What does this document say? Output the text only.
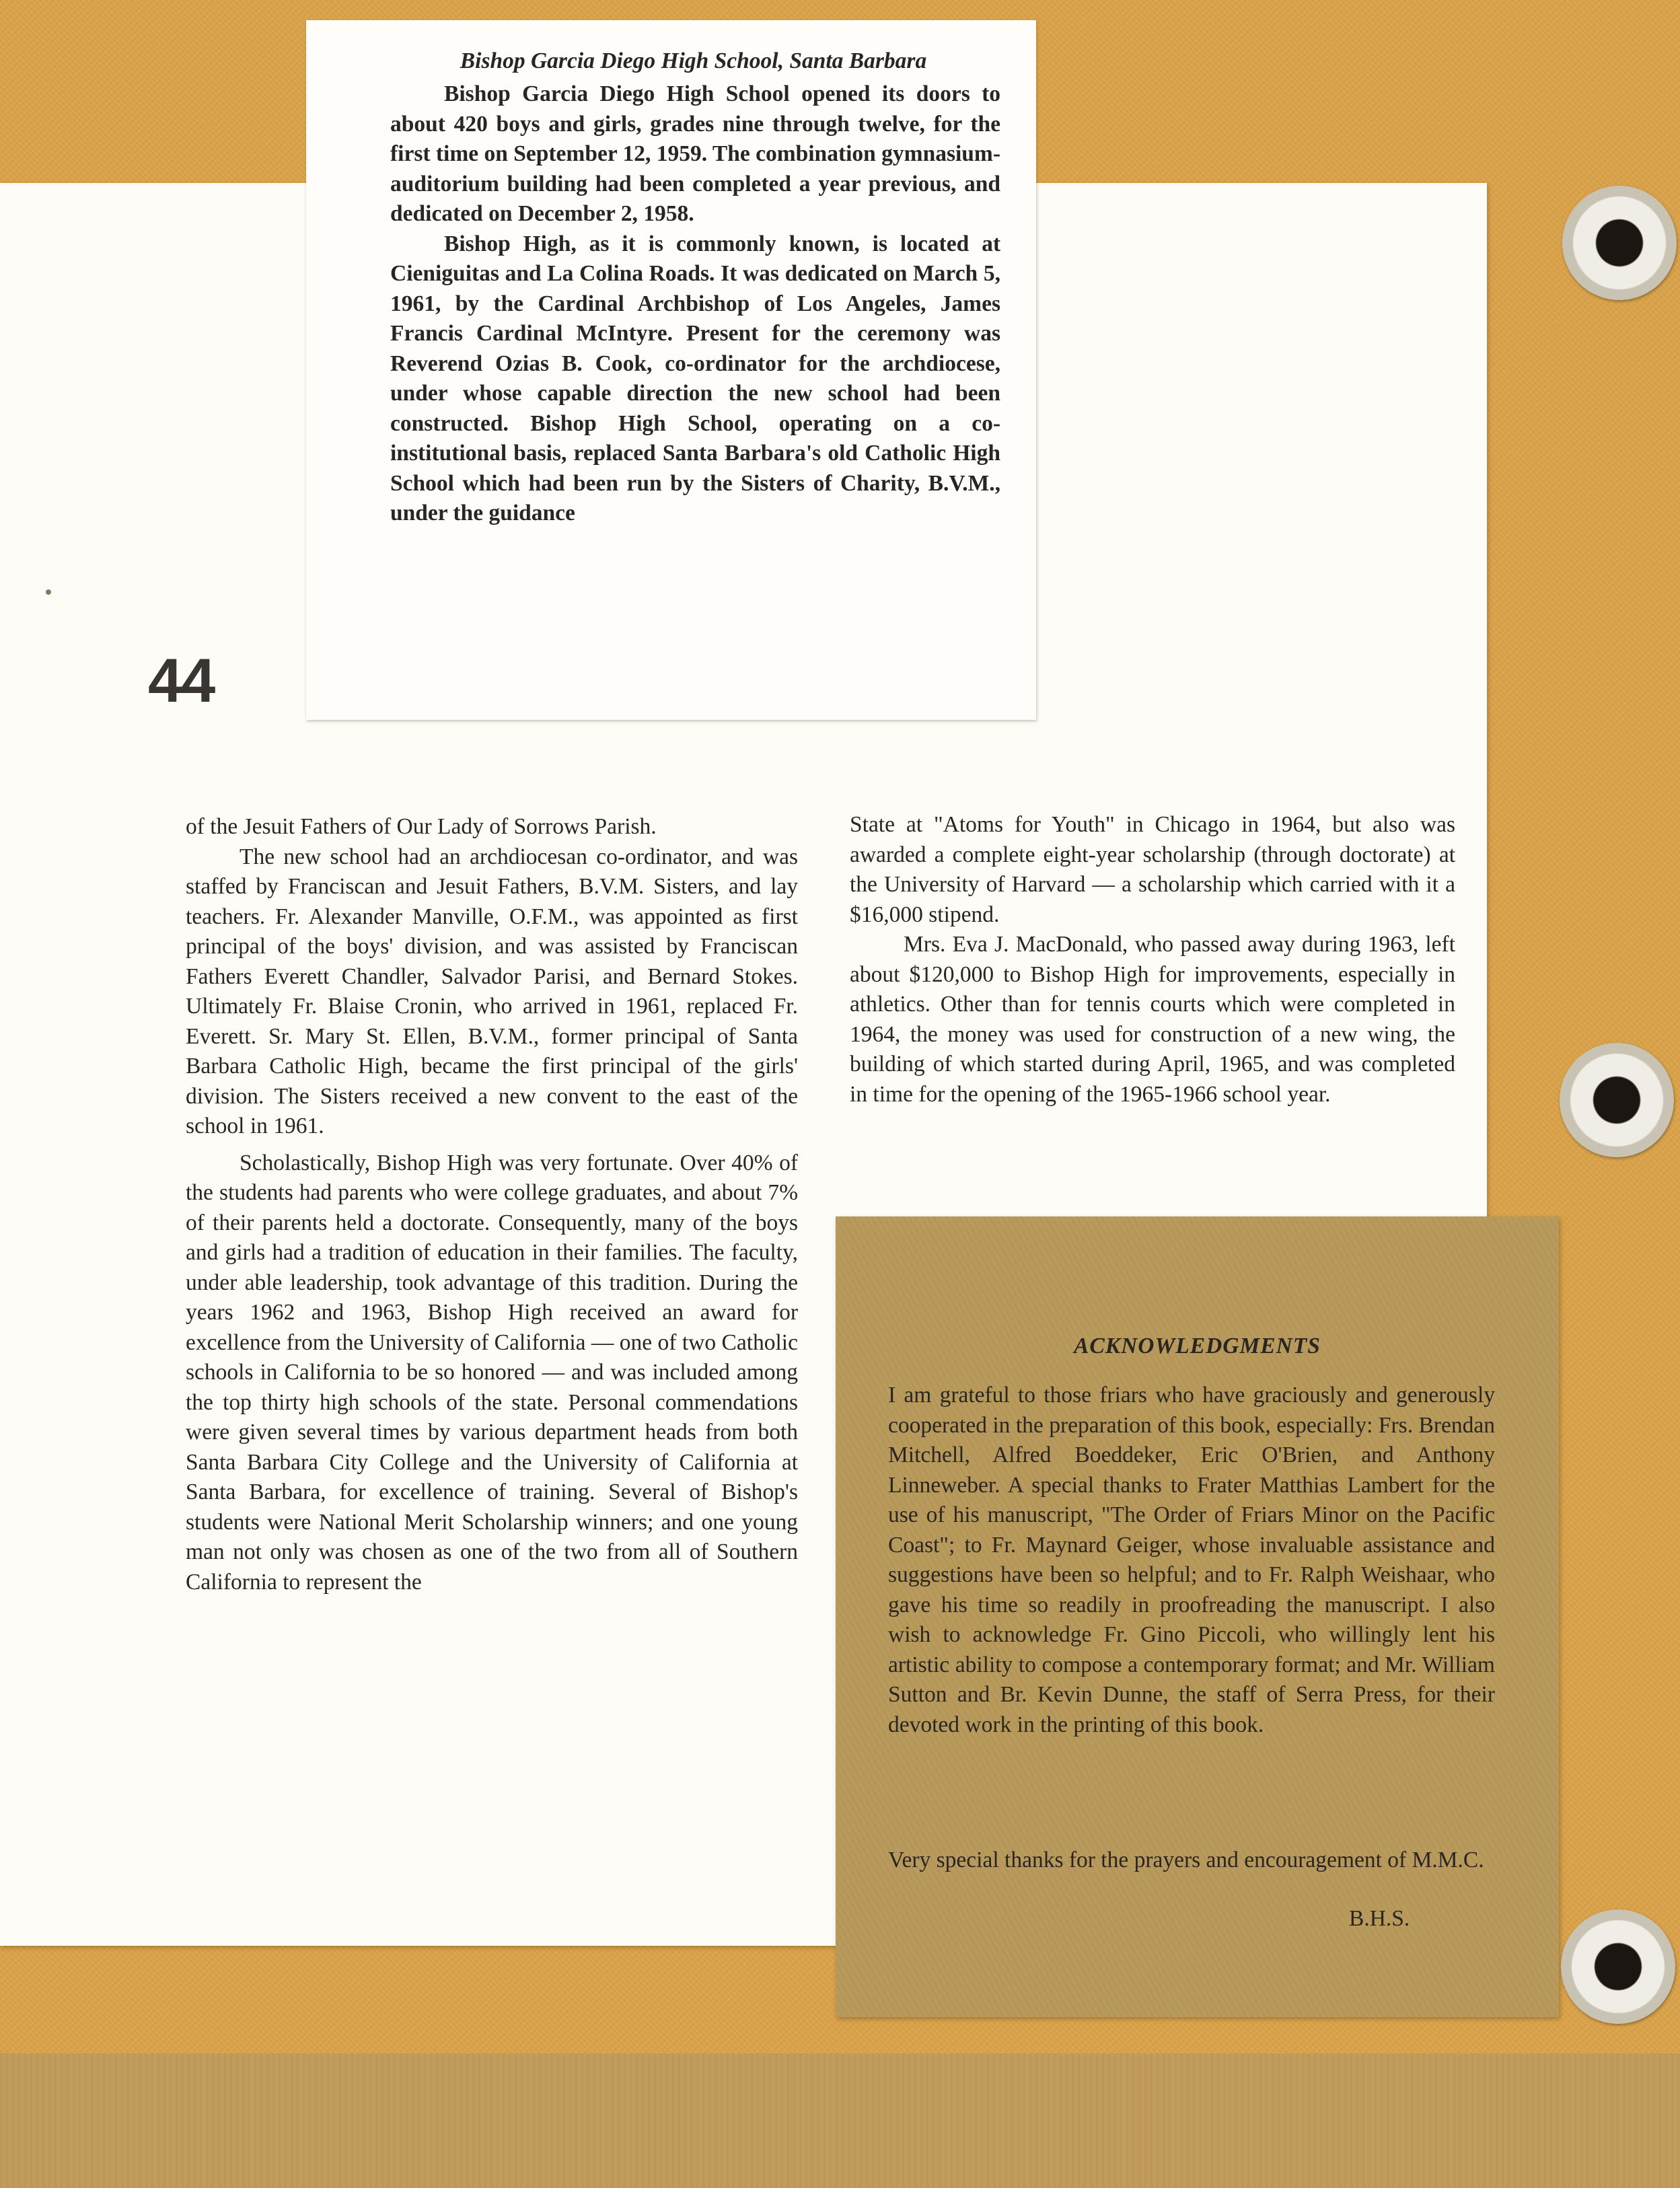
Bishop Garcia Diego High School, Santa Barbara

Bishop Garcia Diego High School opened its doors to about 420 boys and girls, grades nine through twelve, for the first time on September 12, 1959. The combination gymnasium-auditorium building had been completed a year previous, and dedicated on December 2, 1958.

Bishop High, as it is commonly known, is located at Cieniguitas and La Colina Roads. It was dedicated on March 5, 1961, by the Cardinal Archbishop of Los Angeles, James Francis Cardinal McIntyre. Present for the ceremony was Reverend Ozias B. Cook, co-ordinator for the archdiocese, under whose capable direction the new school had been constructed. Bishop High School, operating on a co-institutional basis, replaced Santa Barbara's old Catholic High School which had been run by the Sisters of Charity, B.V.M., under the guidance

44

of the Jesuit Fathers of Our Lady of Sorrows Parish.

The new school had an archdiocesan co-ordinator, and was staffed by Franciscan and Jesuit Fathers, B.V.M. Sisters, and lay teachers. Fr. Alexander Manville, O.F.M., was appointed as first principal of the boys' division, and was assisted by Franciscan Fathers Everett Chandler, Salvador Parisi, and Bernard Stokes. Ultimately Fr. Blaise Cronin, who arrived in 1961, replaced Fr. Everett. Sr. Mary St. Ellen, B.V.M., former principal of Santa Barbara Catholic High, became the first principal of the girls' division. The Sisters received a new convent to the east of the school in 1961.

Scholastically, Bishop High was very fortunate. Over 40% of the students had parents who were college graduates, and about 7% of their parents held a doctorate. Consequently, many of the boys and girls had a tradition of education in their families. The faculty, under able leadership, took advantage of this tradition. During the years 1962 and 1963, Bishop High received an award for excellence from the University of California — one of two Catholic schools in California to be so honored — and was included among the top thirty high schools of the state. Personal commendations were given several times by various department heads from both Santa Barbara City College and the University of California at Santa Barbara, for excellence of training. Several of Bishop's students were National Merit Scholarship winners; and one young man not only was chosen as one of the two from all of Southern California to represent the

State at "Atoms for Youth" in Chicago in 1964, but also was awarded a complete eight-year scholarship (through doctorate) at the University of Harvard — a scholarship which carried with it a $16,000 stipend.

Mrs. Eva J. MacDonald, who passed away during 1963, left about $120,000 to Bishop High for improvements, especially in athletics. Other than for tennis courts which were completed in 1964, the money was used for construction of a new wing, the building of which started during April, 1965, and was completed in time for the opening of the 1965-1966 school year.

ACKNOWLEDGMENTS

I am grateful to those friars who have graciously and generously cooperated in the preparation of this book, especially: Frs. Brendan Mitchell, Alfred Boeddeker, Eric O'Brien, and Anthony Linneweber. A special thanks to Frater Matthias Lambert for the use of his manuscript, "The Order of Friars Minor on the Pacific Coast"; to Fr. Maynard Geiger, whose invaluable assistance and suggestions have been so helpful; and to Fr. Ralph Weishaar, who gave his time so readily in proofreading the manuscript. I also wish to acknowledge Fr. Gino Piccoli, who willingly lent his artistic ability to compose a contemporary format; and Mr. William Sutton and Br. Kevin Dunne, the staff of Serra Press, for their devoted work in the printing of this book.

Very special thanks for the prayers and encouragement of M.M.C.

B.H.S.
